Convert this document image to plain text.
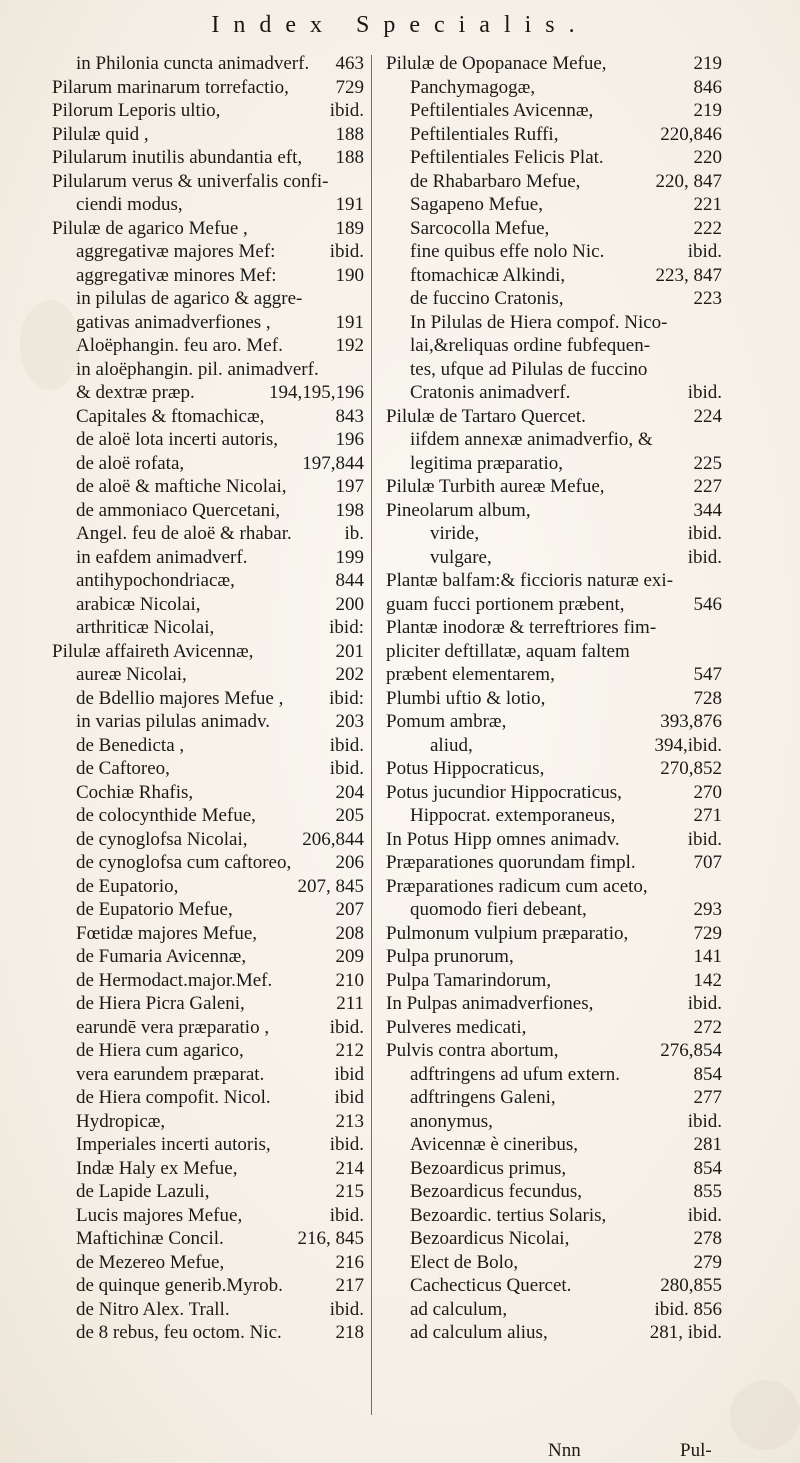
Index Specialis.
in Philonia cuncta animadverf.	463
Pilarum marinarum torrefactio,	729
Pilorum Leporis ultio,	ibid.
Pilulæ quid ,	188
Pilularum inutilis abundantia eft,	188
Pilularum verus & univerfalis confi-
ciendi modus,	191
Pilulæ de agarico Mefue ,	189
aggregativæ majores Mef:	ibid.
aggregativæ minores Mef:	190
in pilulas de agarico & aggre-
gativas animadverfiones ,	191
Aloëphangin. feu aro. Mef.	192
in aloëphangin. pil. animadverf.
& dextræ præp.	194,195,196
Capitales & ftomachicæ,	843
de aloë lota incerti autoris,	196
de aloë rofata,	197,844
de aloë & maftiche Nicolai,	197
de ammoniaco Quercetani,	198
Angel. feu de aloë & rhabar.	ib.
in eafdem animadverf.	199
antihypochondriacæ,	844
arabicæ Nicolai,	200
arthriticæ Nicolai,	ibid:
Pilulæ affaireth Avicennæ,	201
aureæ Nicolai,	202
de Bdellio majores Mefue ,	ibid:
in varias pilulas animadv.	203
de Benedicta ,	ibid.
de Caftoreo,	ibid.
Cochiæ Rhafis,	204
de colocynthide Mefue,	205
de cynoglofsa Nicolai,	206,844
de cynoglofsa cum caftoreo,	206
de Eupatorio,	207, 845
de Eupatorio Mefue,	207
Fœtidæ majores Mefue,	208
de Fumaria Avicennæ,	209
de Hermodact.major.Mef.	210
de Hiera Picra Galeni,	211
earundē vera præparatio ,	ibid.
de Hiera cum agarico,	212
vera earundem præparat.	ibid
de Hiera compofit. Nicol.	ibid
Hydropicæ,	213
Imperiales incerti autoris,	ibid.
Indæ Haly ex Mefue,	214
de Lapide Lazuli,	215
Lucis majores Mefue,	ibid.
Maftichinæ Concil.	216, 845
de Mezereo Mefue,	216
de quinque generib.Myrob.	217
de Nitro Alex. Trall.	ibid.
de 8 rebus, feu octom. Nic.	218
Pilulæ de Opopanace Mefue,	219
Panchymagogæ,	846
Peftilentiales Avicennæ,	219
Peftilentiales Ruffi,	220,846
Peftilentiales Felicis Plat.	220
de Rhabarbaro Mefue,	220, 847
Sagapeno Mefue,	221
Sarcocolla Mefue,	222
fine quibus effe nolo Nic.	ibid.
ftomachicæ Alkindi,	223, 847
de fuccino Cratonis,	223
In Pilulas de Hiera compof. Nico-
lai,&reliquas ordine fubfequen-
tes, ufque ad Pilulas de fuccino
Cratonis animadverf.	ibid.
Pilulæ de Tartaro Quercet.	224
iifdem annexæ animadverfio, &
legitima præparatio,	225
Pilulæ Turbith aureæ Mefue,	227
Pineolarum album,	344
viride,	ibid.
vulgare,	ibid.
Plantæ balfam:& ficcioris naturæ exi-
guam fucci portionem præbent,	546
Plantæ inodoræ & terreftriores fim-
pliciter deftillatæ, aquam faltem
præbent elementarem,	547
Plumbi uftio & lotio,	728
Pomum ambræ,	393,876
aliud,	394,ibid.
Potus Hippocraticus,	270,852
Potus jucundior Hippocraticus,	270
Hippocrat. extemporaneus,	271
In Potus Hipp omnes animadv.	ibid.
Præparationes quorundam fimpl.	707
Præparationes radicum cum aceto,
quomodo fieri debeant,	293
Pulmonum vulpium præparatio,	729
Pulpa prunorum,	141
Pulpa Tamarindorum,	142
In Pulpas animadverfiones,	ibid.
Pulveres medicati,	272
Pulvis contra abortum,	276,854
adftringens ad ufum extern.	854
adftringens Galeni,	277
anonymus,	ibid.
Avicennæ è cineribus,	281
Bezoardicus primus,	854
Bezoardicus fecundus,	855
Bezoardic. tertius Solaris,	ibid.
Bezoardicus Nicolai,	278
Elect de Bolo,	279
Cachecticus Quercet.	280,855
ad calculum,	ibid. 856
ad calculum alius,	281, ibid.
Nnn	Pul-
